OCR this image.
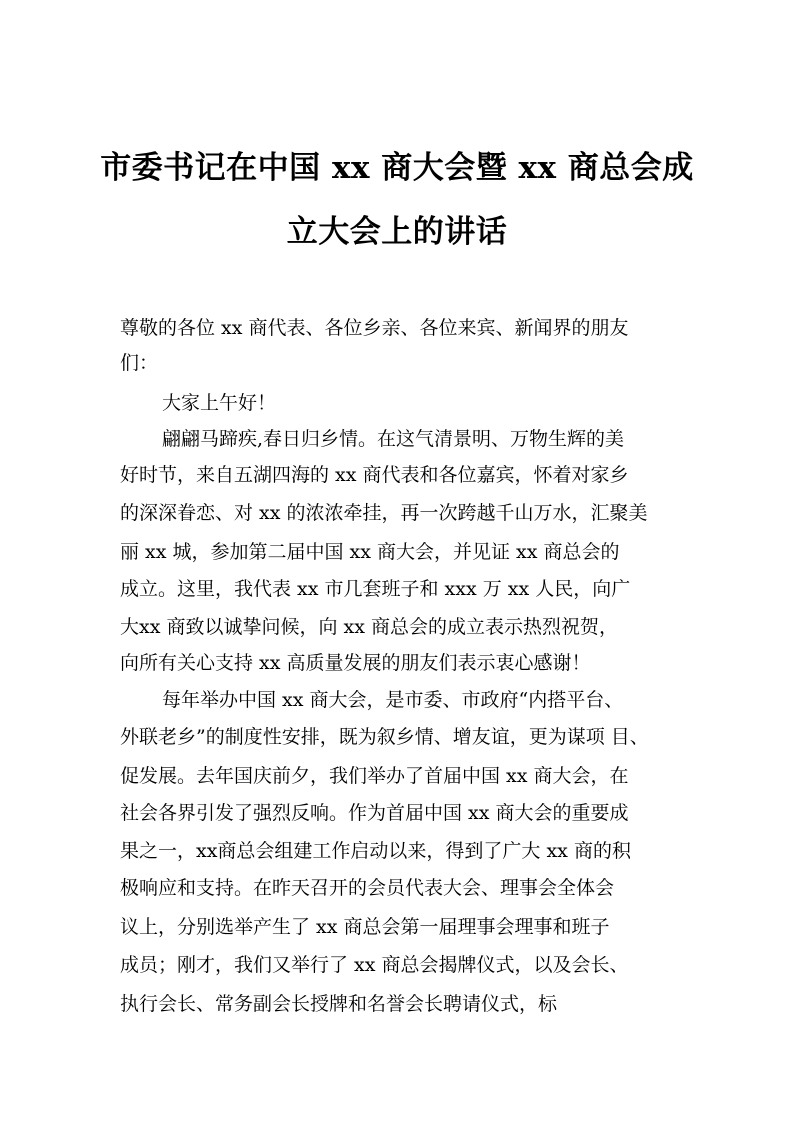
市委书记在中国 xx 商大会暨 xx 商总会成
立大会上的讲话
尊敬的各位 xx 商代表、各位乡亲、各位来宾、新闻界的朋友
们：
大家上午好！
翩翩马蹄疾,春日归乡情。在这气清景明、万物生辉的美
好时节，来自五湖四海的 xx 商代表和各位嘉宾，怀着对家乡
的深深眷恋、对 xx 的浓浓牵挂，再一次跨越千山万水，汇聚美
丽 xx 城，参加第二届中国 xx 商大会，并见证 xx 商总会的
成立。这里，我代表 xx 市几套班子和 xxx 万 xx 人民，向广
大xx 商致以诚挚问候，向 xx 商总会的成立表示热烈祝贺，
向所有关心支持 xx 高质量发展的朋友们表示衷心感谢！
每年举办中国 xx 商大会，是市委、市政府“内搭平台、
外联老乡”的制度性安排，既为叙乡情、增友谊，更为谋项 目、
促发展。去年国庆前夕，我们举办了首届中国 xx 商大会，在
社会各界引发了强烈反响。作为首届中国 xx 商大会的重要成
果之一，xx商总会组建工作启动以来，得到了广大 xx 商的积
极响应和支持。在昨天召开的会员代表大会、理事会全体会
议上，分别选举产生了 xx 商总会第一届理事会理事和班子
成员；刚才，我们又举行了 xx 商总会揭牌仪式，以及会长、
执行会长、常务副会长授牌和名誉会长聘请仪式，标
